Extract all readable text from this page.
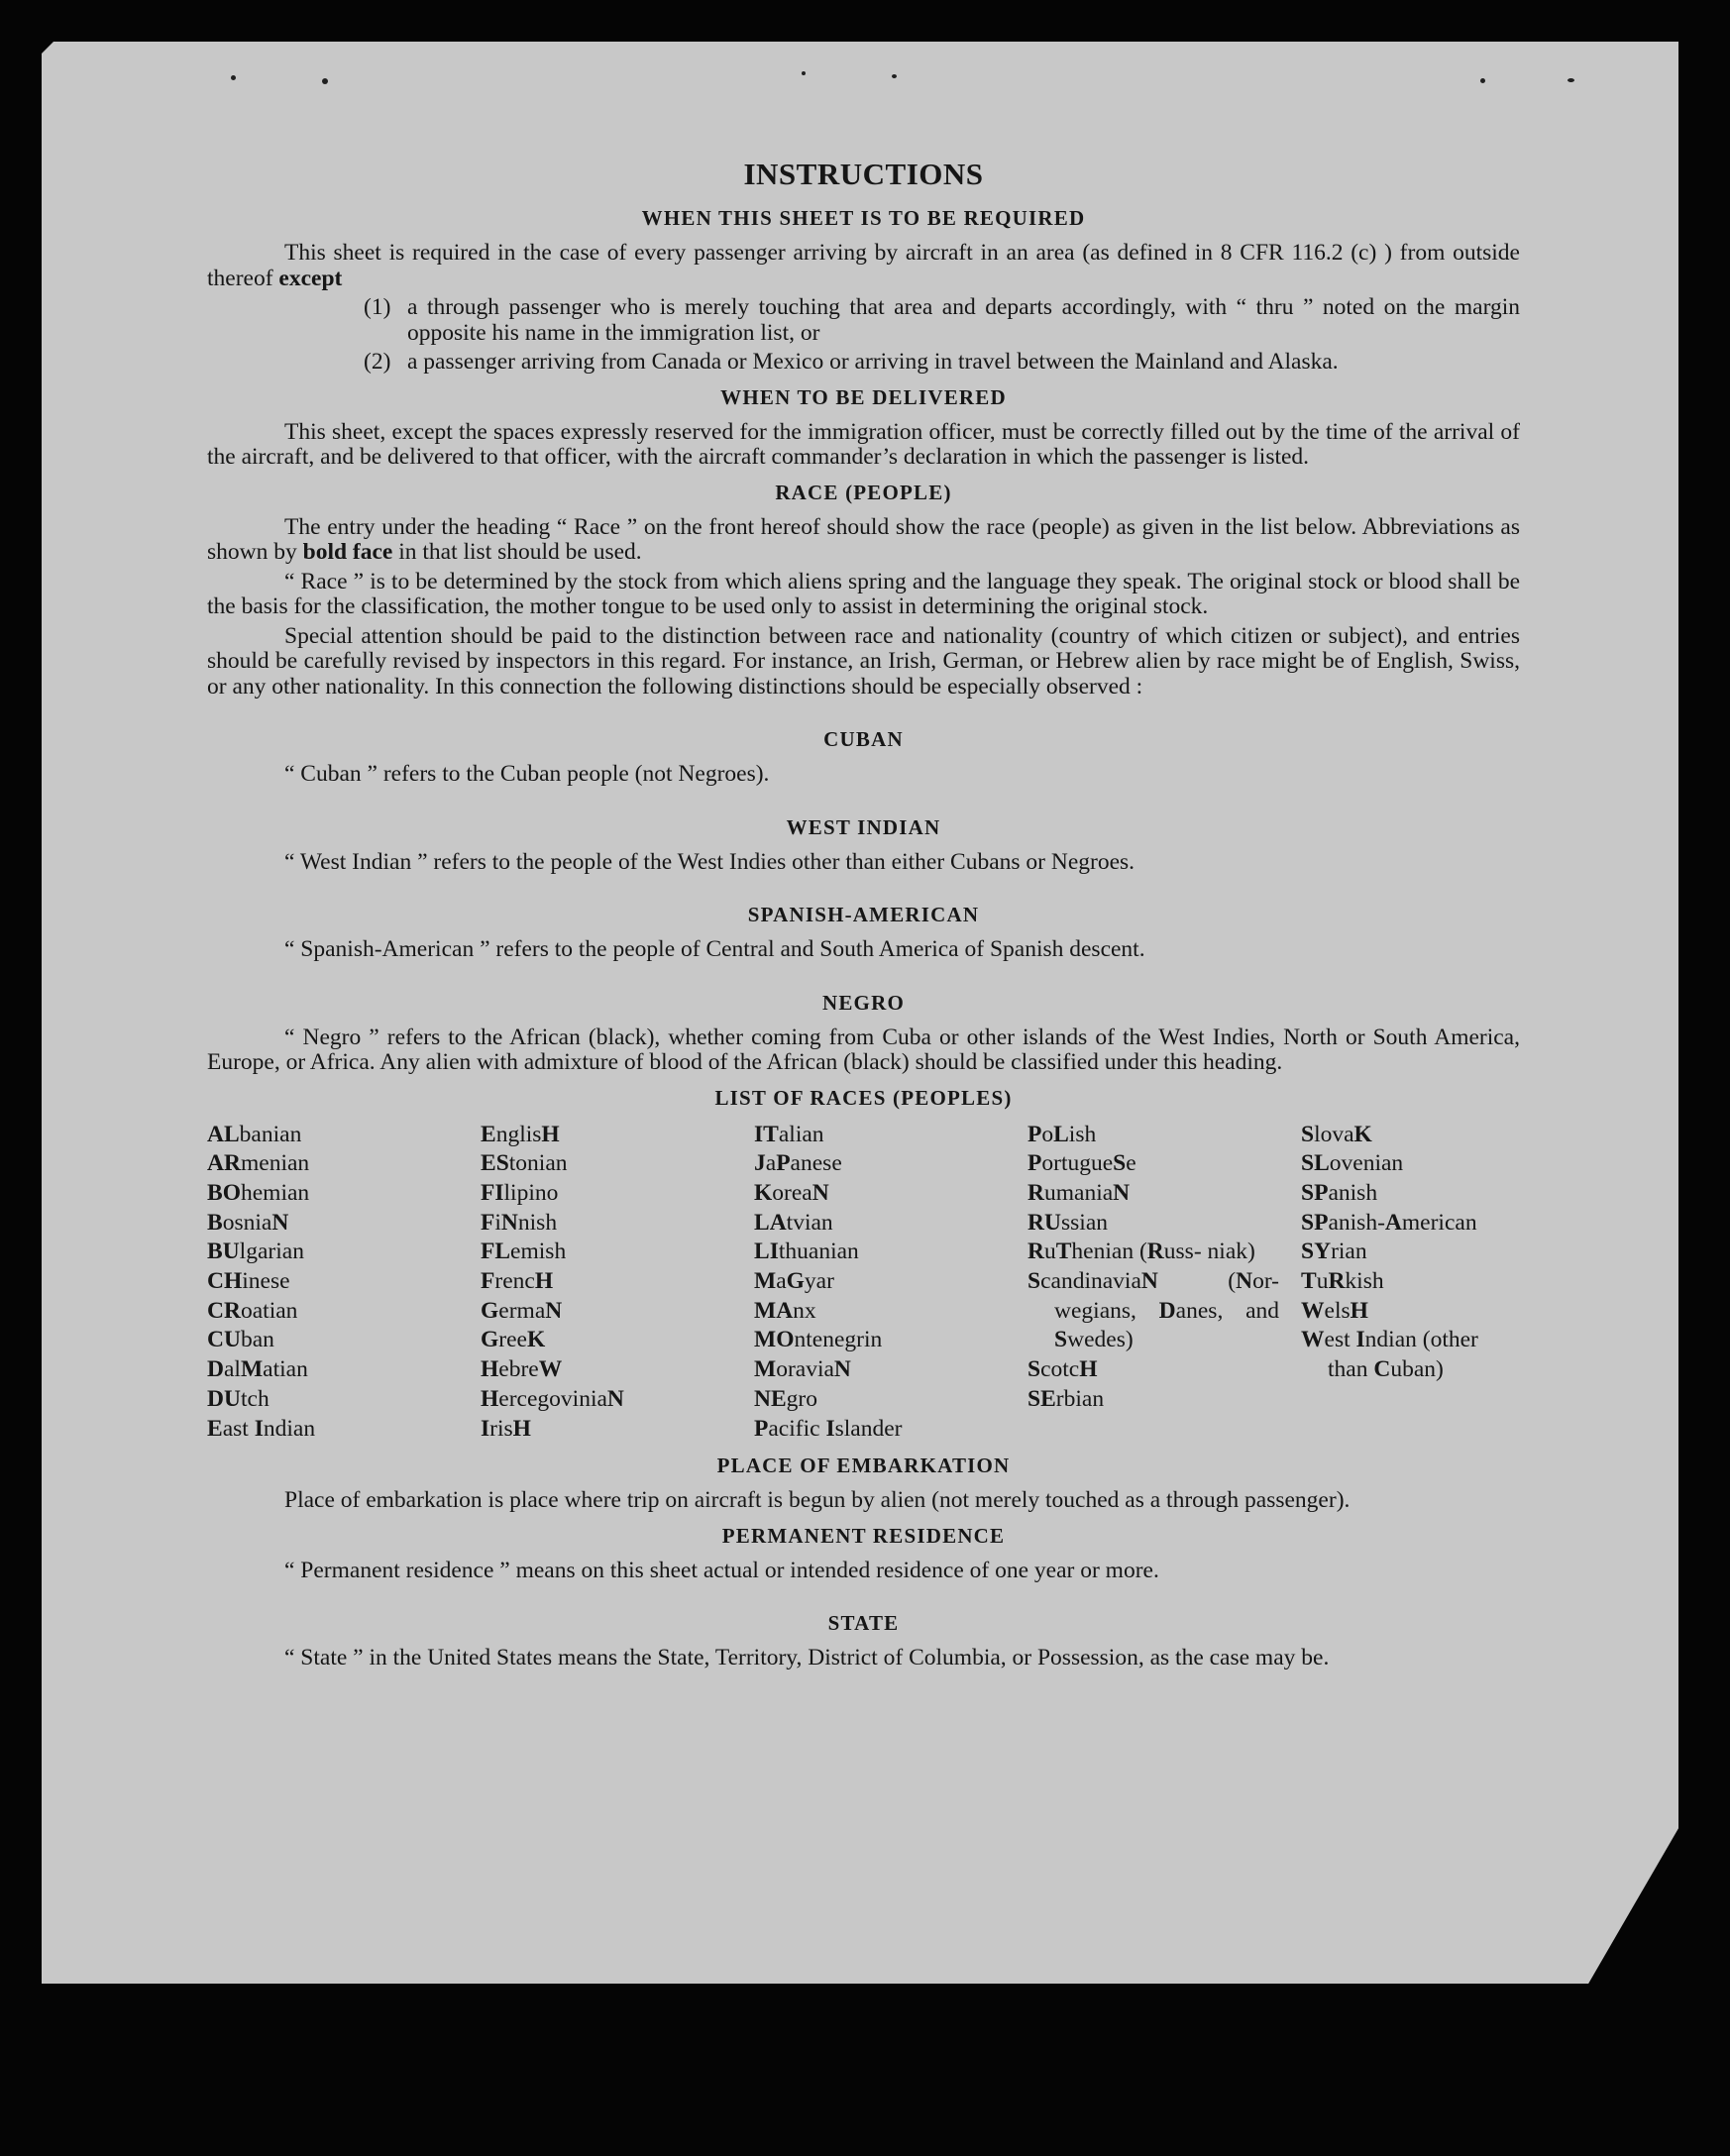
INSTRUCTIONS
WHEN THIS SHEET IS TO BE REQUIRED

This sheet is required in the case of every passenger arriving by aircraft in an area (as defined in 8 CFR 116.2 (c) ) from outside thereof except

(1) a through passenger who is merely touching that area and departs accordingly, with “ thru ” noted on the margin opposite his name in the immigration list, or
(2) a passenger arriving from Canada or Mexico or arriving in travel between the Mainland and Alaska.
WHEN TO BE DELIVERED

This sheet, except the spaces expressly reserved for the immigration officer, must be correctly filled out by the time of the arrival of the aircraft, and be delivered to that officer, with the aircraft commander’s declaration in which the passenger is listed.

RACE (PEOPLE)

The entry under the heading “ Race ” on the front hereof should show the race (people) as given in the list below. Abbreviations as shown by bold face in that list should be used.

“ Race ” is to be determined by the stock from which aliens spring and the language they speak. The original stock or blood shall be the basis for the classification, the mother tongue to be used only to assist in determining the original stock.

Special attention should be paid to the distinction between race and nationality (country of which citizen or subject), and entries should be carefully revised by inspectors in this regard. For instance, an Irish, German, or Hebrew alien by race might be of English, Swiss, or any other nationality. In this connection the following distinctions should be especially observed :

CUBAN

“ Cuban ” refers to the Cuban people (not Negroes).

WEST INDIAN

“ West Indian ” refers to the people of the West Indies other than either Cubans or Negroes.

SPANISH-AMERICAN

“ Spanish-American ” refers to the people of Central and South America of Spanish descent.

NEGRO

“ Negro ” refers to the African (black), whether coming from Cuba or other islands of the West Indies, North or South America, Europe, or Africa. Any alien with admixture of blood of the African (black) should be classified under this heading.

LIST OF RACES (PEOPLES)
ALbanian
ARmenian
BOhemian
BosniaN
BUlgarian
CHinese
CRoatian
CUban
DalMatian
DUtch
East Indian
EnglisH
EStonian
FIlipino
FiNnish
FLemish
FrencH
GermaN
GreeK
HebreW
HercegoviniaN
IrisH
ITalian
JaPanese
KoreaN
LAtvian
LIthuanian
MaGyar
MAnx
MOntenegrin
MoraviaN
NEgro
Pacific Islander
PoLish
PortugueSe
RumaniaN
RUssian
RuThenian (Russ- niak)
ScandinaviaN	(Nor- wegians, Danes, and Swedes)
ScotcH
SErbian
SlovaK
SLovenian
SPanish
SPanish-American
SYrian
TuRkish
WelsH
West Indian (other than Cuban)
PLACE OF EMBARKATION

Place of embarkation is place where trip on aircraft is begun by alien (not merely touched as a through passenger).

PERMANENT RESIDENCE

“ Permanent residence ” means on this sheet actual or intended residence of one year or more.

STATE

“ State ” in the United States means the State, Territory, District of Columbia, or Possession, as the case may be.
